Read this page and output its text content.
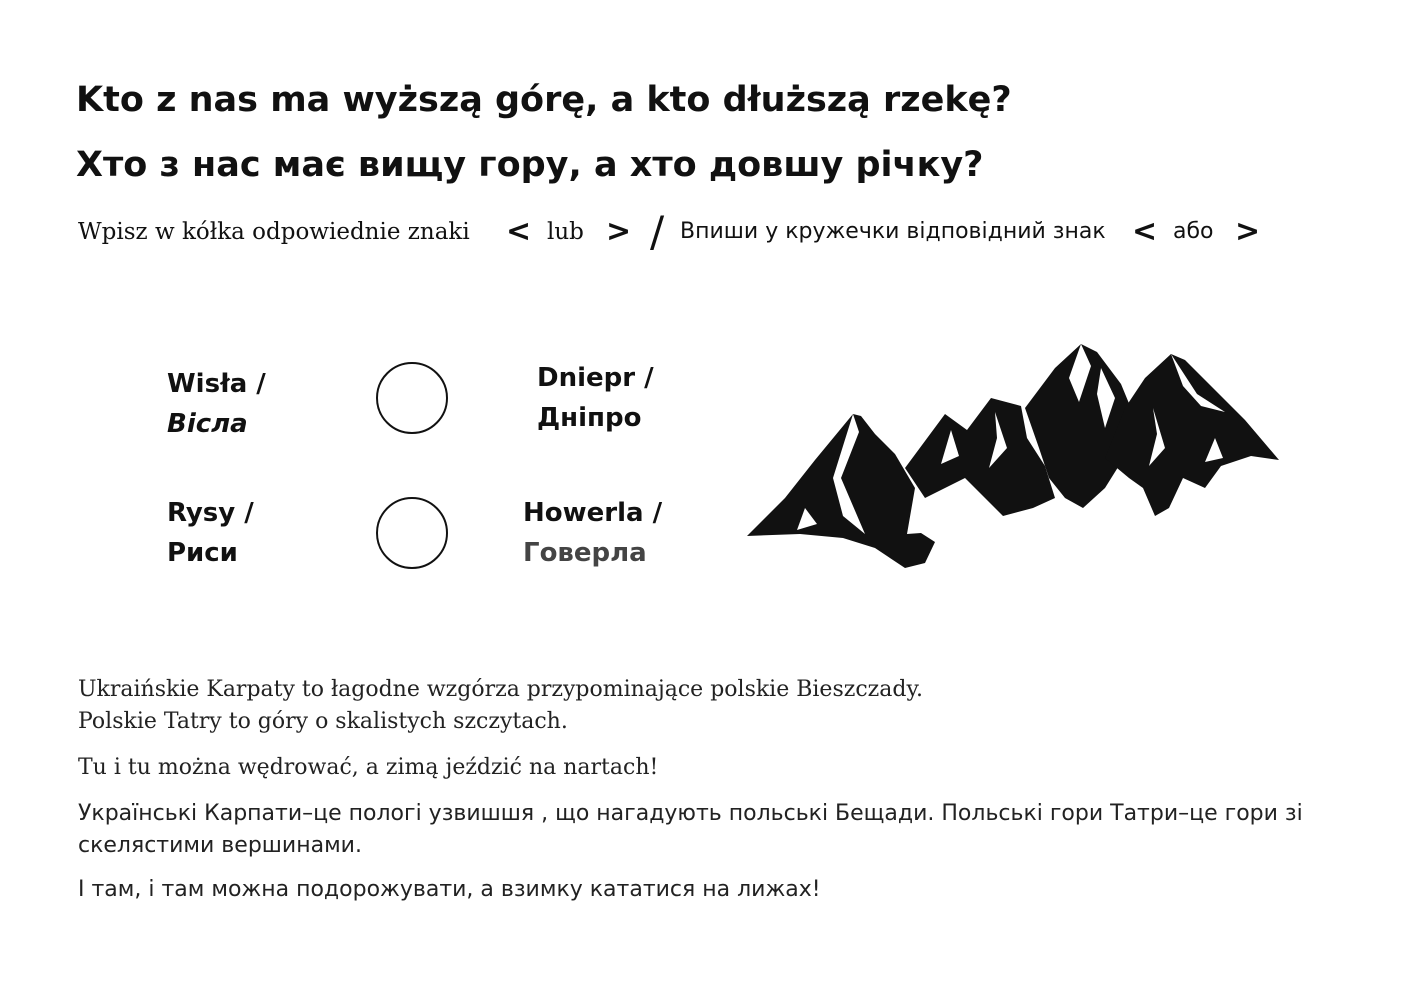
Kto z nas ma wyższą górę, a kto dłuższą rzekę?
Хто з нас має вищу гору, а хто довшу річку?
Wpisz w kółka odpowiednie znaki < lub > / Впиши у кружечки відповідний знак < або >
Wisła /
Вісла
Dniepr /
Дніпро
Rysy /
Риси
Howerla /
Говерла
Ukraińskie Karpaty to łagodne wzgórza przypominające polskie Bieszczady.
Polskie Tatry to góry o skalistych szczytach.

Tu i tu można wędrować, a zimą jeździć na nartach!

Українські Карпати–це пологі узвишшя , що нагадують польські Бещади. Польські гори Татри–це гори зі скелястими вершинами.

І там, і там можна подорожувати, а взимку кататися на лижах!
